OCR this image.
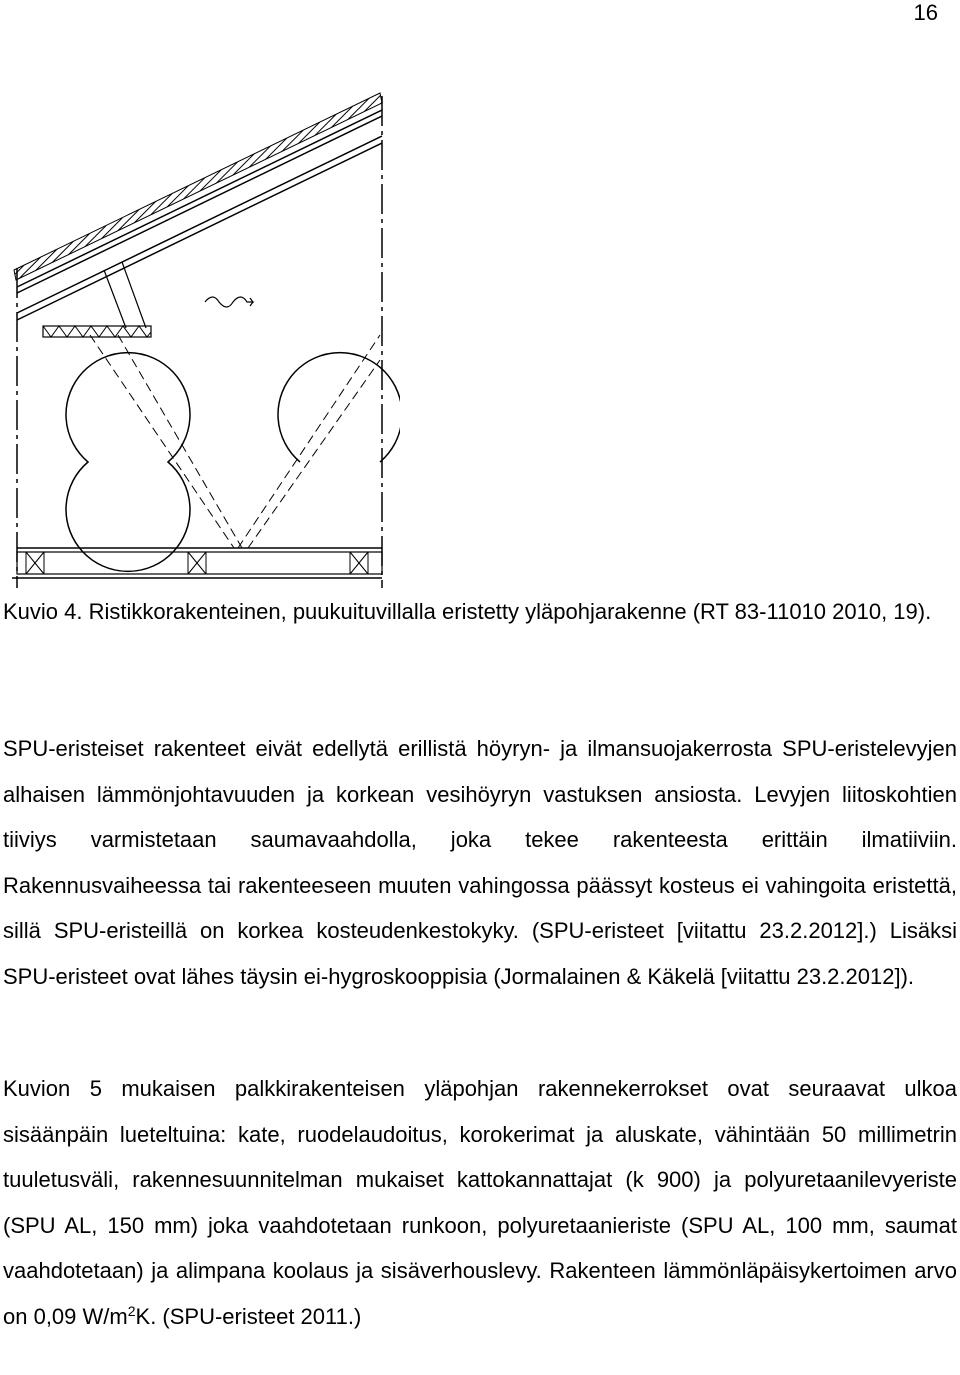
16

Kuvio 4. Ristikkorakenteinen, puukuituvillalla eristetty yläpohjarakenne (RT 83-11010 2010, 19).

SPU-eristeiset rakenteet eivät edellytä erillistä höyryn- ja ilmansuojakerrosta SPU-eristelevyjen alhaisen lämmönjohtavuuden ja korkean vesihöyryn vastuksen ansiosta. Levyjen liitoskohtien tiiviys varmistetaan saumavaahdolla, joka tekee rakenteesta erittäin ilmatiiviin. Rakennusvaiheessa tai rakenteeseen muuten vahingossa päässyt kosteus ei vahingoita eristettä, sillä SPU-eristeillä on korkea kosteudenkestokyky. (SPU-eristeet [viitattu 23.2.2012].) Lisäksi SPU-eristeet ovat lähes täysin ei-hygroskooppisia (Jormalainen & Käkelä [viitattu 23.2.2012]).

Kuvion 5 mukaisen palkkirakenteisen yläpohjan rakennekerrokset ovat seuraavat ulkoa sisäänpäin lueteltuina: kate, ruodelaudoitus, korokerimat ja aluskate, vähintään 50 millimetrin tuuletusväli, rakennesuunnitelman mukaiset kattokannattajat (k 900) ja polyuretaanilevyeriste (SPU AL, 150 mm) joka vaahdotetaan runkoon, polyuretaanieriste (SPU AL, 100 mm, saumat vaahdotetaan) ja alimpana koolaus ja sisäverhouslevy. Rakenteen lämmönläpäisykertoimen arvo on 0,09 $W/m^2K$. (SPU-eristeet 2011.)
